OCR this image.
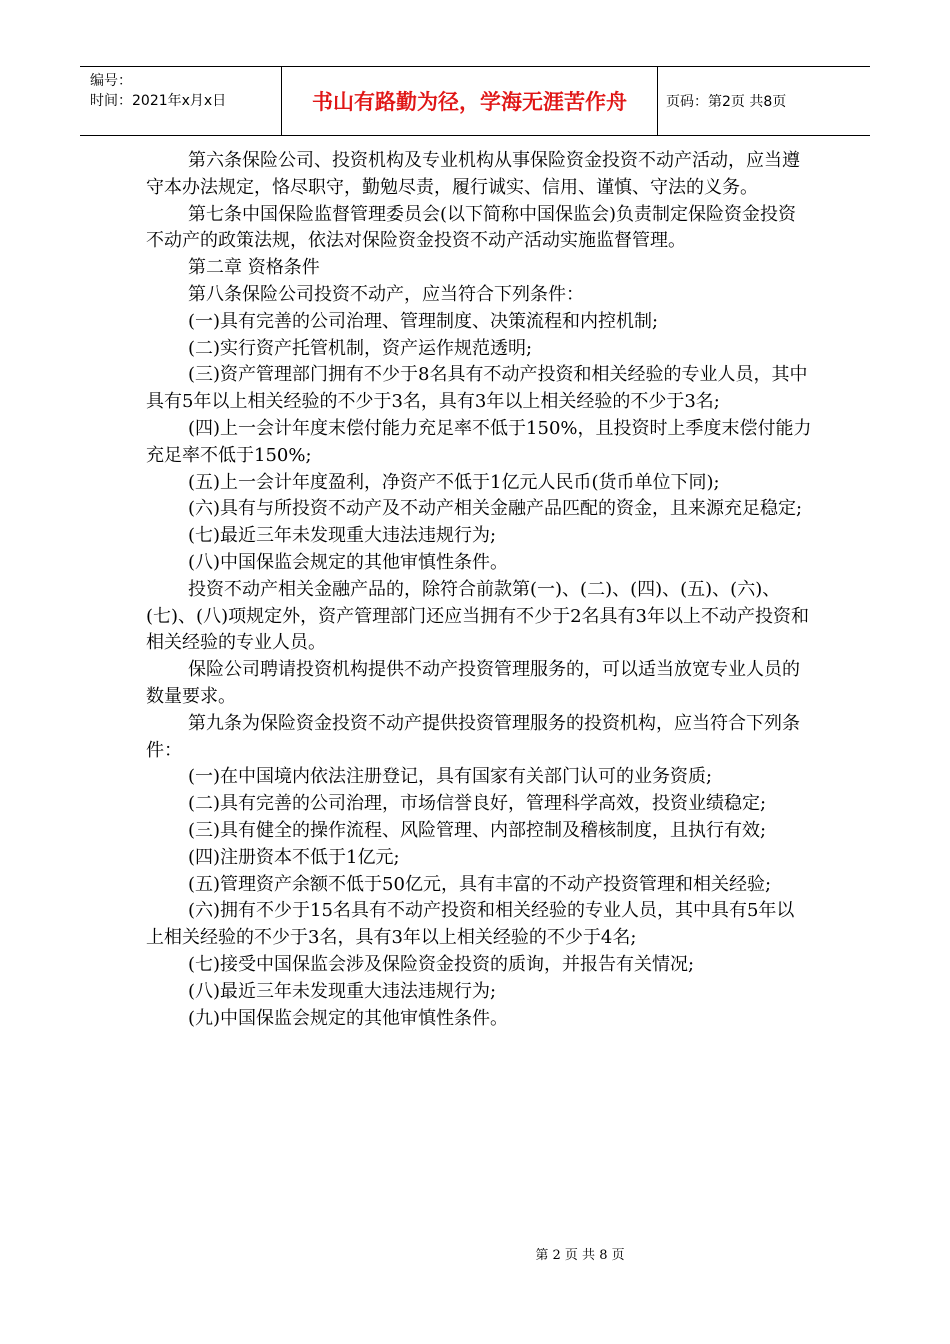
编号：
时间：2021年x月x日	书山有路勤为径，学海无涯苦作舟	页码：第2页 共8页

第六条保险公司、投资机构及专业机构从事保险资金投资不动产活动，应当遵守本办法规定，恪尽职守，勤勉尽责，履行诚实、信用、谨慎、守法的义务。

第七条中国保险监督管理委员会(以下简称中国保监会)负责制定保险资金投资不动产的政策法规，依法对保险资金投资不动产活动实施监督管理。

第二章 资格条件

第八条保险公司投资不动产，应当符合下列条件：

(一)具有完善的公司治理、管理制度、决策流程和内控机制;

(二)实行资产托管机制，资产运作规范透明;

(三)资产管理部门拥有不少于8名具有不动产投资和相关经验的专业人员，其中具有5年以上相关经验的不少于3名，具有3年以上相关经验的不少于3名;

(四)上一会计年度末偿付能力充足率不低于150%，且投资时上季度末偿付能力充足率不低于150%;

(五)上一会计年度盈利，净资产不低于1亿元人民币(货币单位下同);

(六)具有与所投资不动产及不动产相关金融产品匹配的资金，且来源充足稳定;

(七)最近三年未发现重大违法违规行为;

(八)中国保监会规定的其他审慎性条件。

投资不动产相关金融产品的，除符合前款第(一)、(二)、(四)、(五)、(六)、(七)、(八)项规定外，资产管理部门还应当拥有不少于2名具有3年以上不动产投资和相关经验的专业人员。

保险公司聘请投资机构提供不动产投资管理服务的，可以适当放宽专业人员的数量要求。

第九条为保险资金投资不动产提供投资管理服务的投资机构，应当符合下列条件：

(一)在中国境内依法注册登记，具有国家有关部门认可的业务资质;

(二)具有完善的公司治理，市场信誉良好，管理科学高效，投资业绩稳定;

(三)具有健全的操作流程、风险管理、内部控制及稽核制度，且执行有效;

(四)注册资本不低于1亿元;

(五)管理资产余额不低于50亿元，具有丰富的不动产投资管理和相关经验;

(六)拥有不少于15名具有不动产投资和相关经验的专业人员，其中具有5年以上相关经验的不少于3名，具有3年以上相关经验的不少于4名;

(七)接受中国保监会涉及保险资金投资的质询，并报告有关情况;

(八)最近三年未发现重大违法违规行为;

(九)中国保监会规定的其他审慎性条件。

第 2 页 共 8 页
